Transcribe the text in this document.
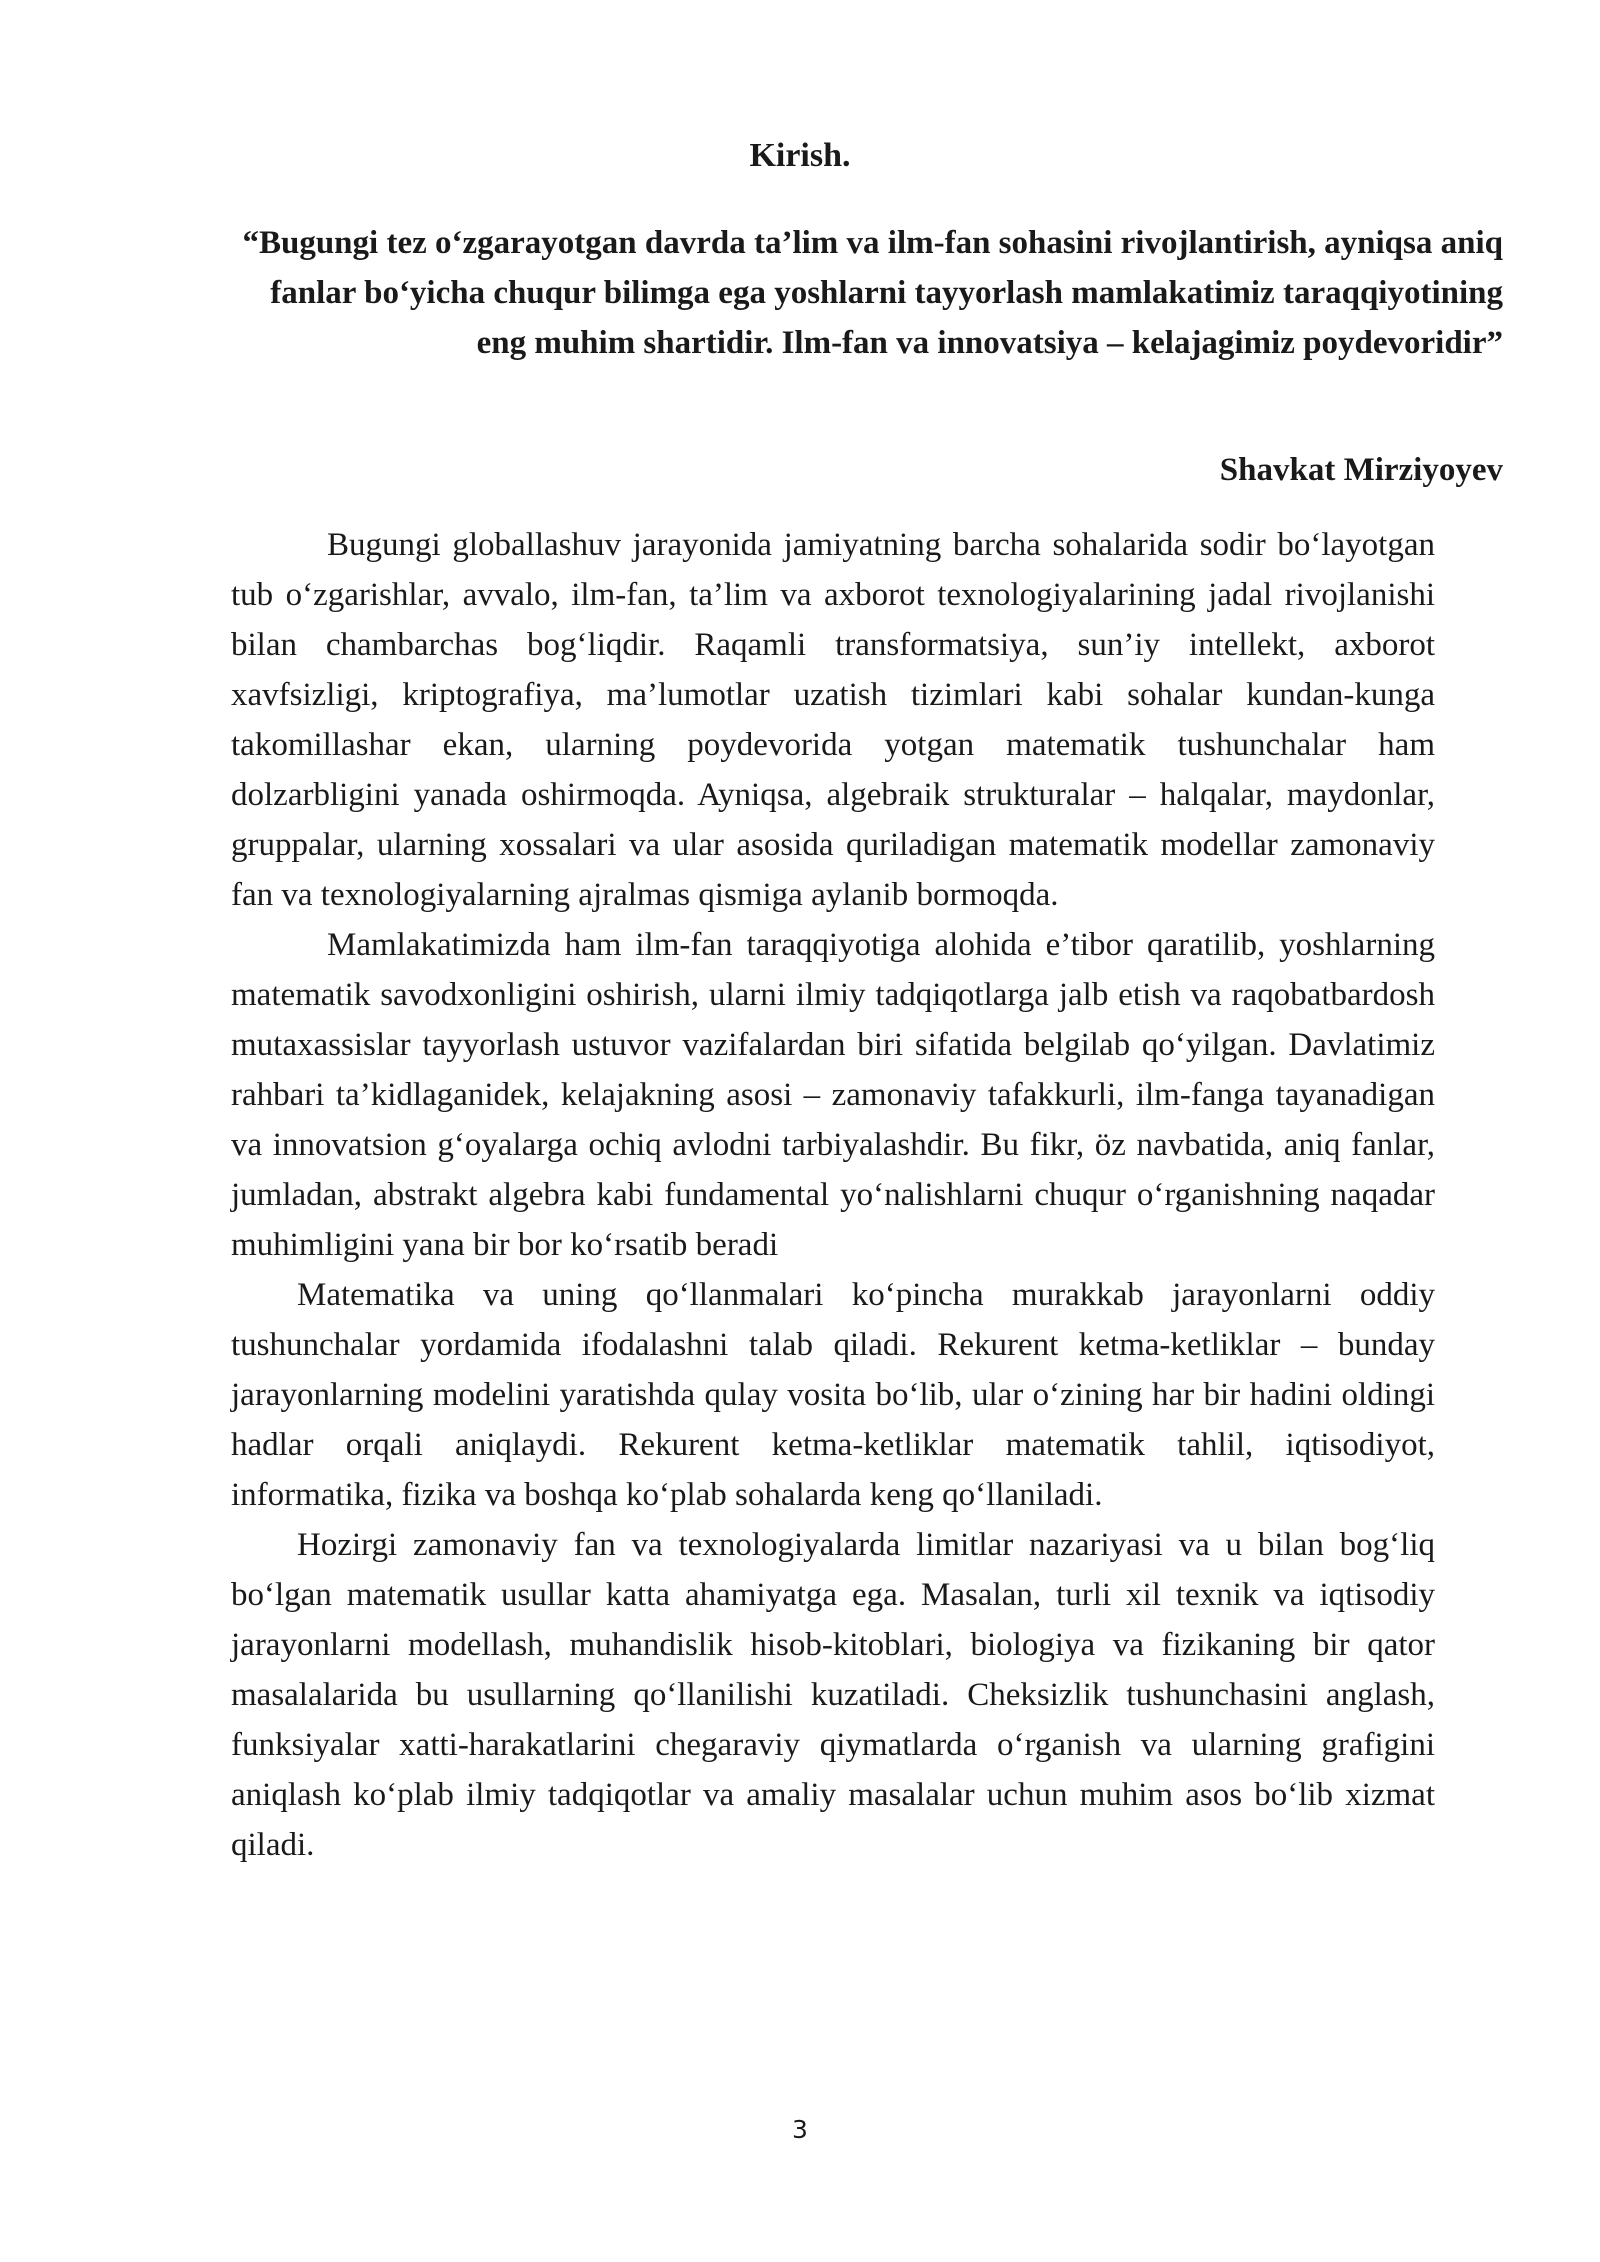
Kirish.

“Bugungi tez o‘zgarayotgan davrda ta’lim va ilm-fan sohasini rivojlantirish, ayniqsa aniq fanlar bo‘yicha chuqur bilimga ega yoshlarni tayyorlash mamlakatimiz taraqqiyotining eng muhim shartidir. Ilm-fan va innovatsiya – kelajagimiz poydevoridir”

Shavkat Mirziyoyev

Bugungi globallashuv jarayonida jamiyatning barcha sohalarida sodir bo‘layotgan tub o‘zgarishlar, avvalo, ilm-fan, ta’lim va axborot texnologiyalarining jadal rivojlanishi bilan chambarchas bog‘liqdir. Raqamli transformatsiya, sun’iy intellekt, axborot xavfsizligi, kriptografiya, ma’lumotlar uzatish tizimlari kabi sohalar kundan-kunga takomillashar ekan, ularning poydevorida yotgan matematik tushunchalar ham dolzarbligini yanada oshirmoqda. Ayniqsa, algebraik strukturalar – halqalar, maydonlar, gruppalar, ularning xossalari va ular asosida quriladigan matematik modellar zamonaviy fan va texnologiyalarning ajralmas qismiga aylanib bormoqda.

Mamlakatimizda ham ilm-fan taraqqiyotiga alohida e’tibor qaratilib, yoshlarning matematik savodxonligini oshirish, ularni ilmiy tadqiqotlarga jalb etish va raqobatbardosh mutaxassislar tayyorlash ustuvor vazifalardan biri sifatida belgilab qo‘yilgan. Davlatimiz rahbari ta’kidlaganidek, kelajakning asosi – zamonaviy tafakkurli, ilm-fanga tayanadigan va innovatsion g‘oyalarga ochiq avlodni tarbiyalashdir. Bu fikr, öz navbatida, aniq fanlar, jumladan, abstrakt algebra kabi fundamental yo‘nalishlarni chuqur o‘rganishning naqadar muhimligini yana bir bor ko‘rsatib beradi

Matematika va uning qo‘llanmalari ko‘pincha murakkab jarayonlarni oddiy tushunchalar yordamida ifodalashni talab qiladi. Rekurent ketma-ketliklar – bunday jarayonlarning modelini yaratishda qulay vosita bo‘lib, ular o‘zining har bir hadini oldingi hadlar orqali aniqlaydi. Rekurent ketma-ketliklar matematik tahlil, iqtisodiyot, informatika, fizika va boshqa ko‘plab sohalarda keng qo‘llaniladi.

Hozirgi zamonaviy fan va texnologiyalarda limitlar nazariyasi va u bilan bog‘liq bo‘lgan matematik usullar katta ahamiyatga ega. Masalan, turli xil texnik va iqtisodiy jarayonlarni modellash, muhandislik hisob-kitoblari, biologiya va fizikaning bir qator masalalarida bu usullarning qo‘llanilishi kuzatiladi. Cheksizlik tushunchasini anglash, funksiyalar xatti-harakatlarini chegaraviy qiymatlarda o‘rganish va ularning grafigini aniqlash ko‘plab ilmiy tadqiqotlar va amaliy masalalar uchun muhim asos bo‘lib xizmat qiladi.

3
